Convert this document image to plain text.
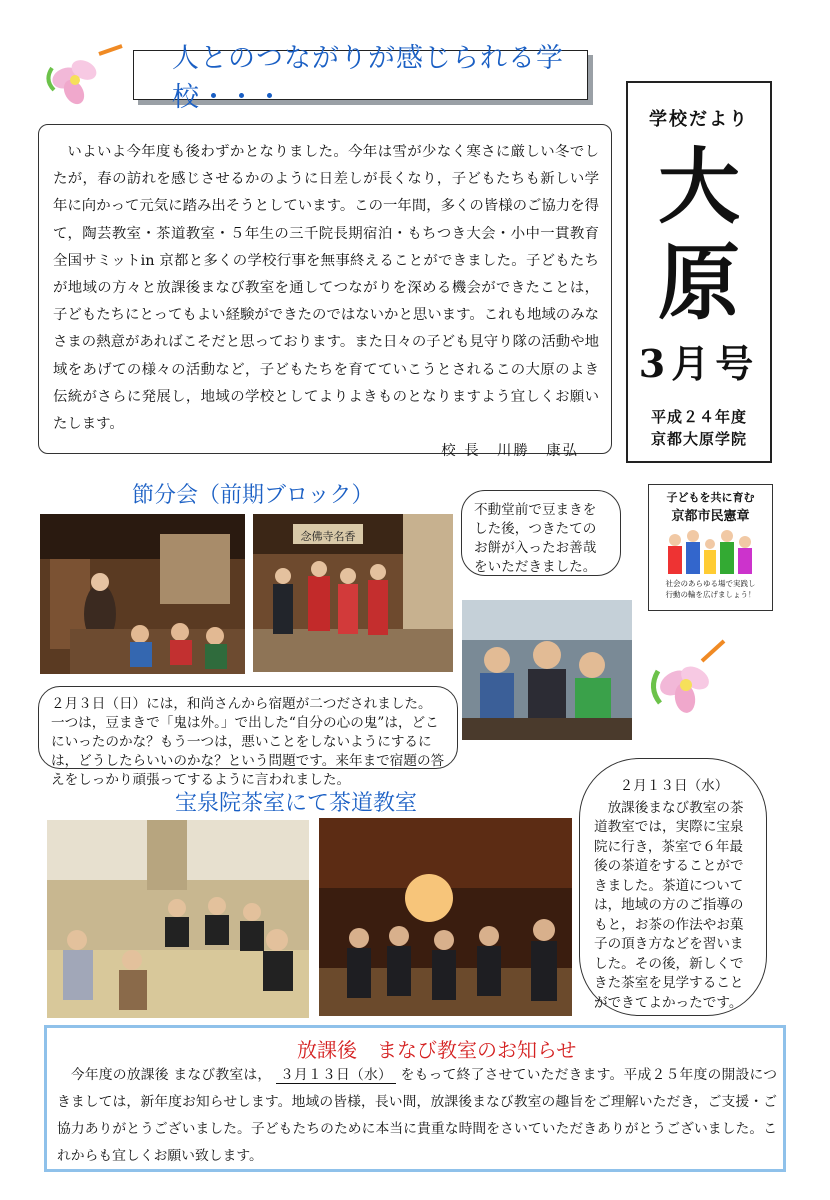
人とのつながりが感じられる学校・・・

いよいよ今年度も後わずかとなりました。今年は雪が少なく寒さに厳しい冬でしたが，春の訪れを感じさせるかのように日差しが長くなり，子どもたちも新しい学年に向かって元気に踏み出そうとしています。この一年間，多くの皆様のご協力を得て，陶芸教室・茶道教室・５年生の三千院長期宿泊・もちつき大会・小中一貫教育全国サミットin 京都と多くの学校行事を無事終えることができました。子どもたちが地域の方々と放課後まなび教室を通してつながりを深める機会ができたことは，子どもたちにとってもよい経験ができたのではないかと思います。これも地域のみなさまの熱意があればこそだと思っております。また日々の子ども見守り隊の活動や地域をあげての様々の活動など，子どもたちを育てていこうとされるこの大原のよき伝統がさらに発展し，地域の学校としてよりよきものとなりますよう宜しくお願いたします。

校 長　川勝　康弘

学校だより
大
原
3月号
平成２４年度
京都大原学院
節分会（前期ブロック）
念佛寺名香
２月３日（日）には，和尚さんから宿題が二つだされました。一つは，豆まきで「鬼は外。」で出した“自分の心の鬼”は，どこにいったのかな？もう一つは，悪いことをしないようにするには，どうしたらいいのかな？という問題です。来年まで宿題の答えをしっかり頑張ってするように言われました。
不動堂前で豆まきをした後，つきたてのお餅が入ったお善哉をいただきました。
子どもを共に育む
京都市民憲章
社会のあらゆる場で実践し
行動の輪を広げましょう！
宝泉院茶室にて茶道教室
２月１３日（水）
放課後まなび教室の茶道教室では，実際に宝泉院に行き，茶室で６年最後の茶道をすることができました。茶道については，地域の方のご指導のもと，お茶の作法やお菓子の頂き方などを習いました。その後，新しくできた茶室を見学することができてよかったです。
放課後　まなび教室のお知らせ
今年度の放課後 まなび教室は， ３月１３日（水） をもって終了させていただきます。平成２５年度の開設につきましては，新年度お知らせします。地域の皆様，長い間，放課後まなび教室の趣旨をご理解いただき，ご支援・ご協力ありがとうございました。子どもたちのために本当に貴重な時間をさいていただきありがとうございました。これからも宜しくお願い致します。
